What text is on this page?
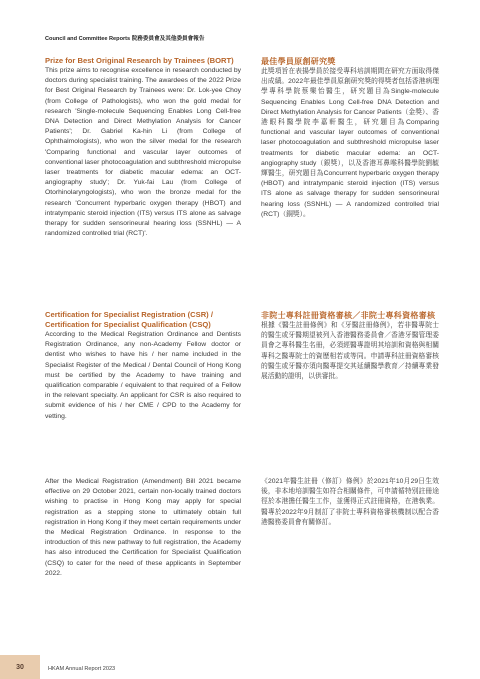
Council and Committee Reports 院務委員會及其他委員會報告
Prize for Best Original Research by Trainees (BORT)

This prize aims to recognise excellence in research conducted by doctors during specialist training. The awardees of the 2022 Prize for Best Original Research by Trainees were: Dr. Lok-yee Choy (from College of Pathologists), who won the gold medal for research 'Single-molecule Sequencing Enables Long Cell-free DNA Detection and Direct Methylation Analysis for Cancer Patients'; Dr. Gabriel Ka-hin Li (from College of Ophthalmologists), who won the silver medal for the research 'Comparing functional and vascular layer outcomes of conventional laser photocoagulation and subthreshold micropulse laser treatments for diabetic macular edema: an OCT-angiography study'; Dr. Yuk-fai Lau (from College of Otorhinolaryngologists), who won the bronze medal for the research 'Concurrent hyperbaric oxygen therapy (HBOT) and intratympanic steroid injection (ITS) versus ITS alone as salvage therapy for sudden sensorineural hearing loss (SSNHL) — A randomized controlled trial (RCT)'.

Certification for Specialist Registration (CSR) / Certification for Specialist Qualification (CSQ)

According to the Medical Registration Ordinance and Dentists Registration Ordinance, any non-Academy Fellow doctor or dentist who wishes to have his / her name included in the Specialist Register of the Medical / Dental Council of Hong Kong must be certified by the Academy to have training and qualification comparable / equivalent to that required of a Fellow in the relevant specialty. An applicant for CSR is also required to submit evidence of his / her CME / CPD to the Academy for vetting.

After the Medical Registration (Amendment) Bill 2021 became effective on 29 October 2021, certain non-locally trained doctors wishing to practise in Hong Kong may apply for special registration as a stepping stone to ultimately obtain full registration in Hong Kong if they meet certain requirements under the Medical Registration Ordinance. In response to the introduction of this new pathway to full registration, the Academy has also introduced the Certification for Specialist Qualification (CSQ) to cater for the need of these applicants in September 2022.

最佳學員原創研究獎

此獎項旨在表揚學員於接受專科培訓期間在研究方面取得傑出成績。2022年最佳學員原創研究獎的得獎者包括香港病理學專科學院蔡樂怡醫生，研究題目為Single-molecule Sequencing Enables Long Cell-free DNA Detection and Direct Methylation Analysis for Cancer Patients（金獎）、香港眼科醫學院李嘉軒醫生，研究題目為Comparing functional and vascular layer outcomes of conventional laser photocoagulation and subthreshold micropulse laser treatments for diabetic macular edema: an OCT-angiography study（銀獎），以及香港耳鼻喉科醫學院劉毓輝醫生，研究題目為Concurrent hyperbaric oxygen therapy (HBOT) and intratympanic steroid injection (ITS) versus ITS alone as salvage therapy for sudden sensorineural hearing loss (SSNHL) — A randomized controlled trial (RCT)（銅獎）。

非院士專科註冊資格審核／非院士專科資格審核

根據《醫生註冊條例》和《牙醫註冊條例》，若非醫專院士的醫生或牙醫期望被列入香港醫務委員會／香港牙醫管理委員會之專科醫生名冊，必須經醫專證明其培訓和資格與相關專科之醫專院士的資歷相若或等同。申請專科註冊資格審核的醫生或牙醫亦須向醫專提交其延續醫學教育／持續專業發展活動的證明，以供審批。

《2021年醫生註冊（修訂）條例》於2021年10月29日生效後，非本地培訓醫生如符合相關條件，可申請循特別註冊途徑於本港擔任醫生工作，並獲得正式註冊資格，在港執業。醫專於2022年9月制訂了非院士專科資格審核機制以配合香港醫務委員會有關修訂。

30	HKAM Annual Report 2023
